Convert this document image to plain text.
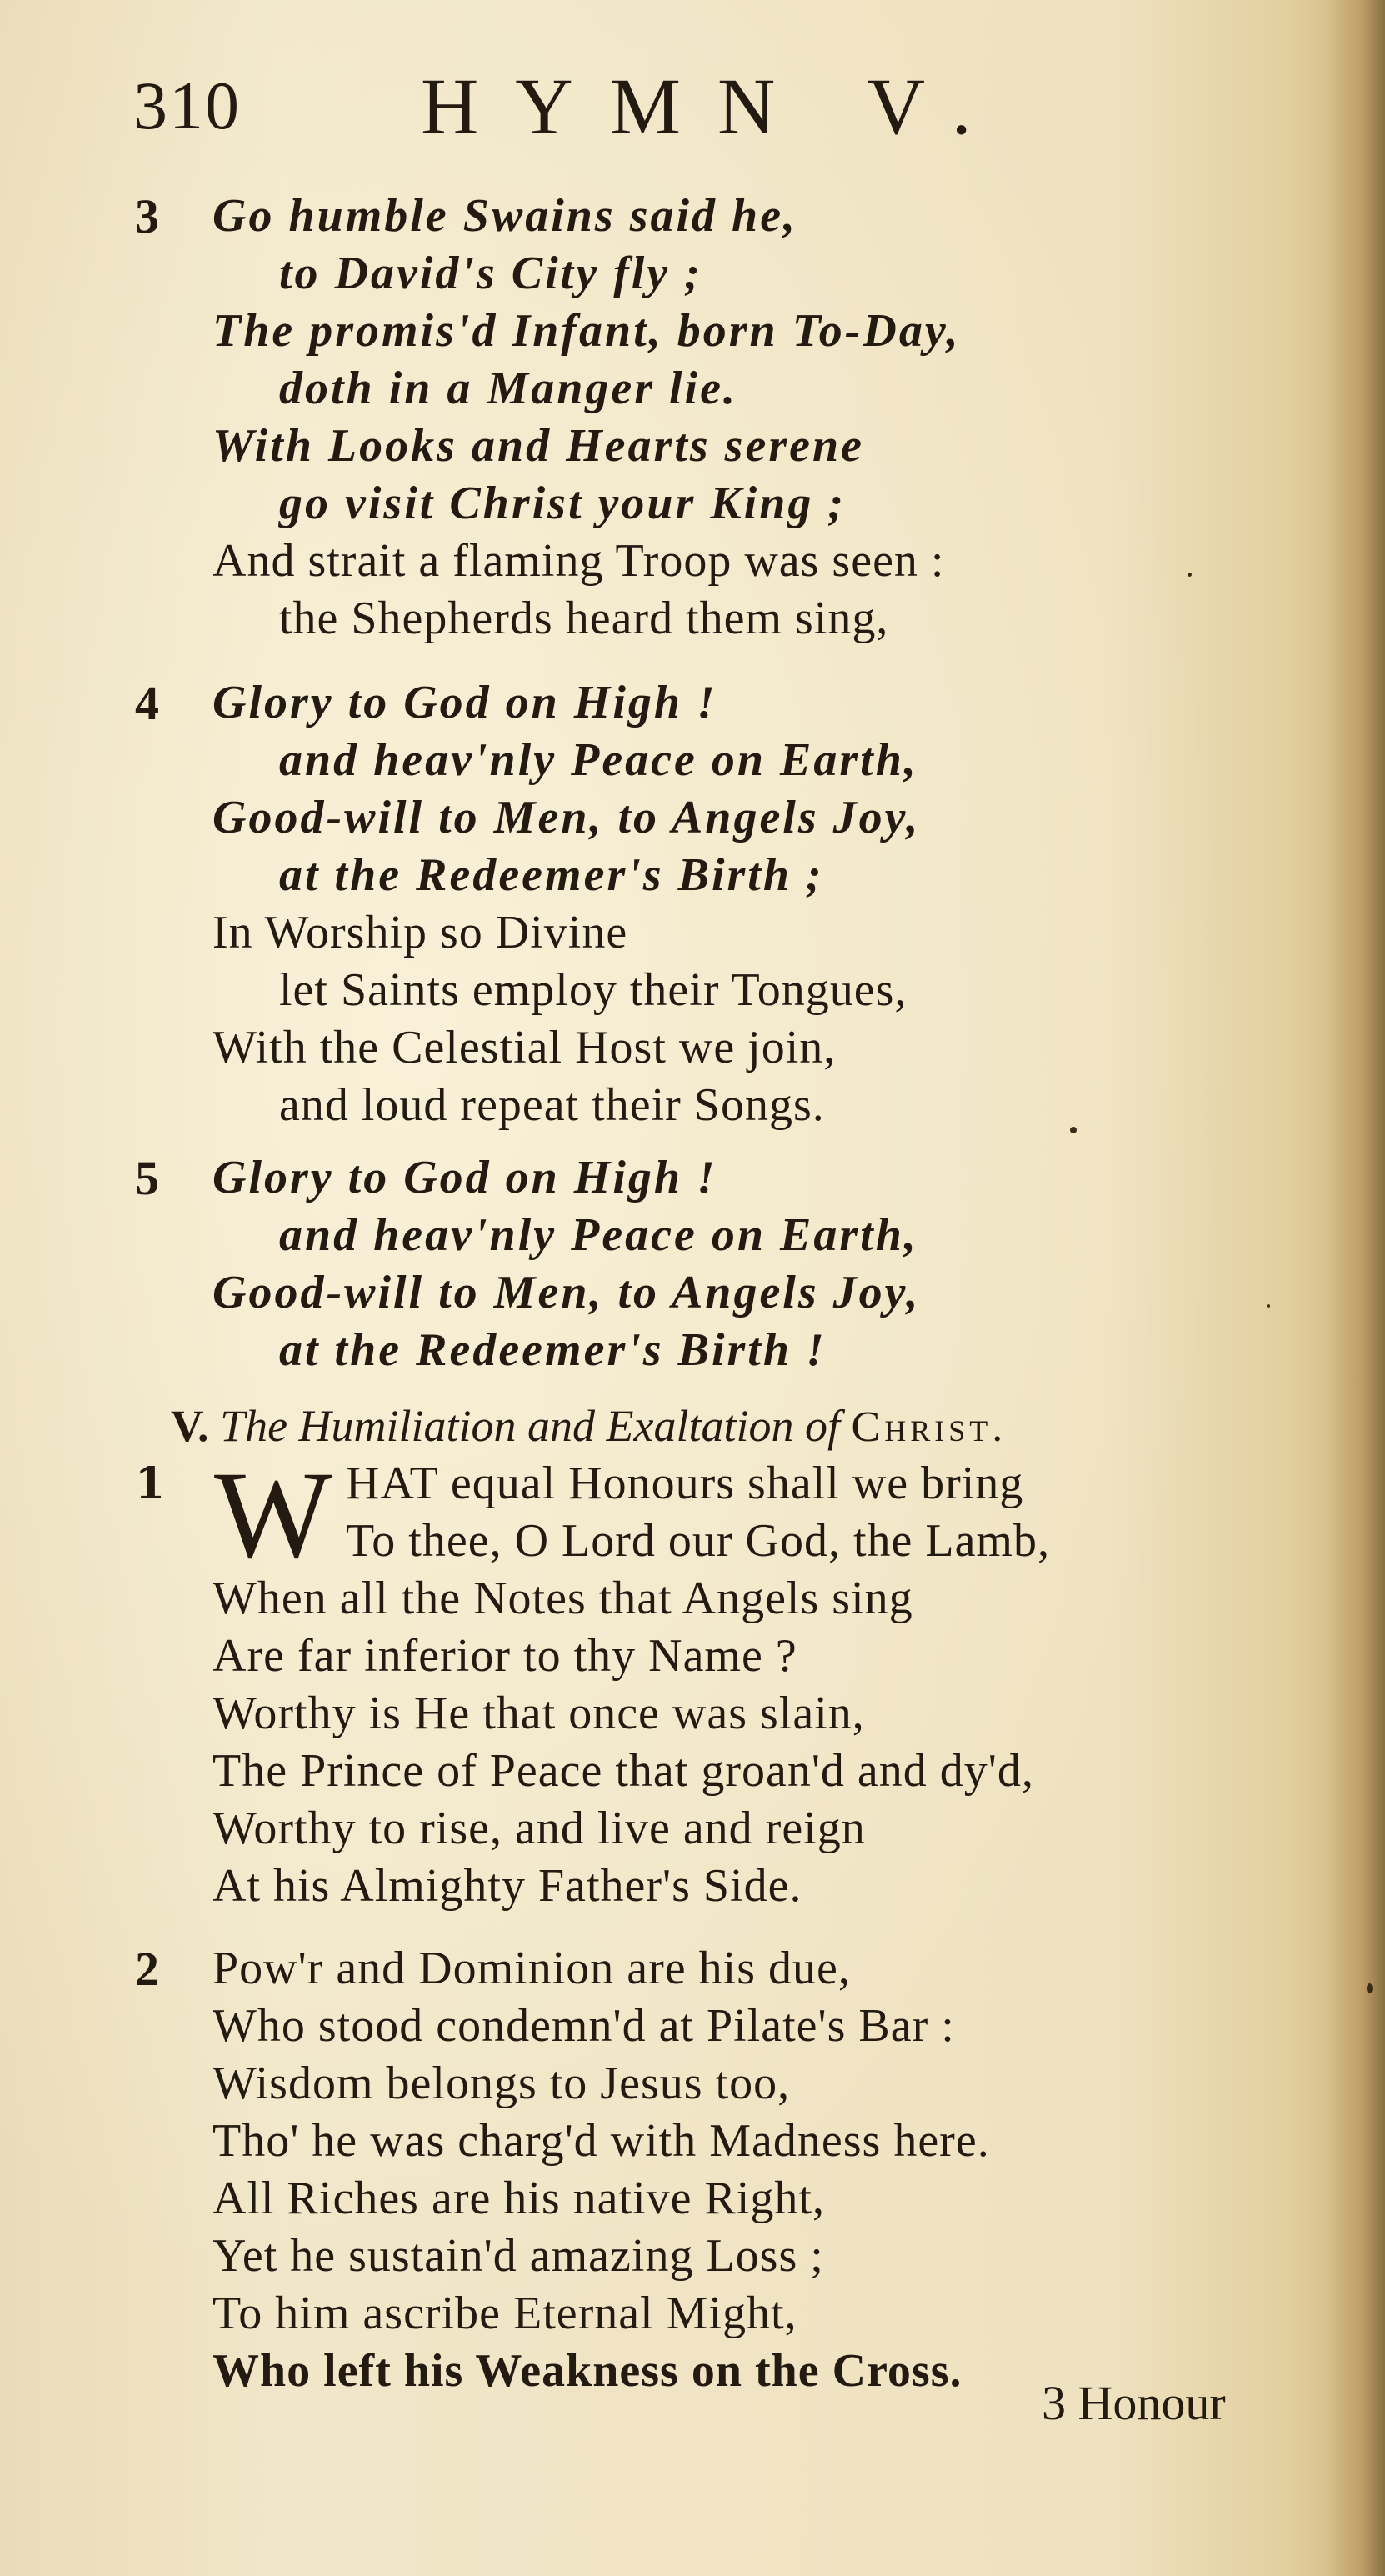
310 HYMN V.
3 Go humble Swains said he,
to David's City fly ;
The promis'd Infant, born To-Day,
doth in a Manger lie.
With Looks and Hearts serene
go visit Christ your King ;
And strait a flaming Troop was seen :
the Shepherds heard them sing,
4 Glory to God on High !
and heav'nly Peace on Earth,
Good-will to Men, to Angels Joy,
at the Redeemer's Birth ;
In Worship so Divine
let Saints employ their Tongues,
With the Celestial Host we join,
and loud repeat their Songs.
5 Glory to God on High !
and heav'nly Peace on Earth,
Good-will to Men, to Angels Joy,
at the Redeemer's Birth !
V. The Humiliation and Exaltation of Christ.
1 W HAT equal Honours shall we bring
To thee, O Lord our God, the Lamb,
When all the Notes that Angels sing
Are far inferior to thy Name ?
Worthy is He that once was slain,
The Prince of Peace that groan'd and dy'd,
Worthy to rise, and live and reign
At his Almighty Father's Side.
2 Pow'r and Dominion are his due,
Who stood condemn'd at Pilate's Bar :
Wisdom belongs to Jesus too,
Tho' he was charg'd with Madness here.
All Riches are his native Right,
Yet he sustain'd amazing Loss ;
To him ascribe Eternal Might,
Who left his Weakness on the Cross.
3 Honour
